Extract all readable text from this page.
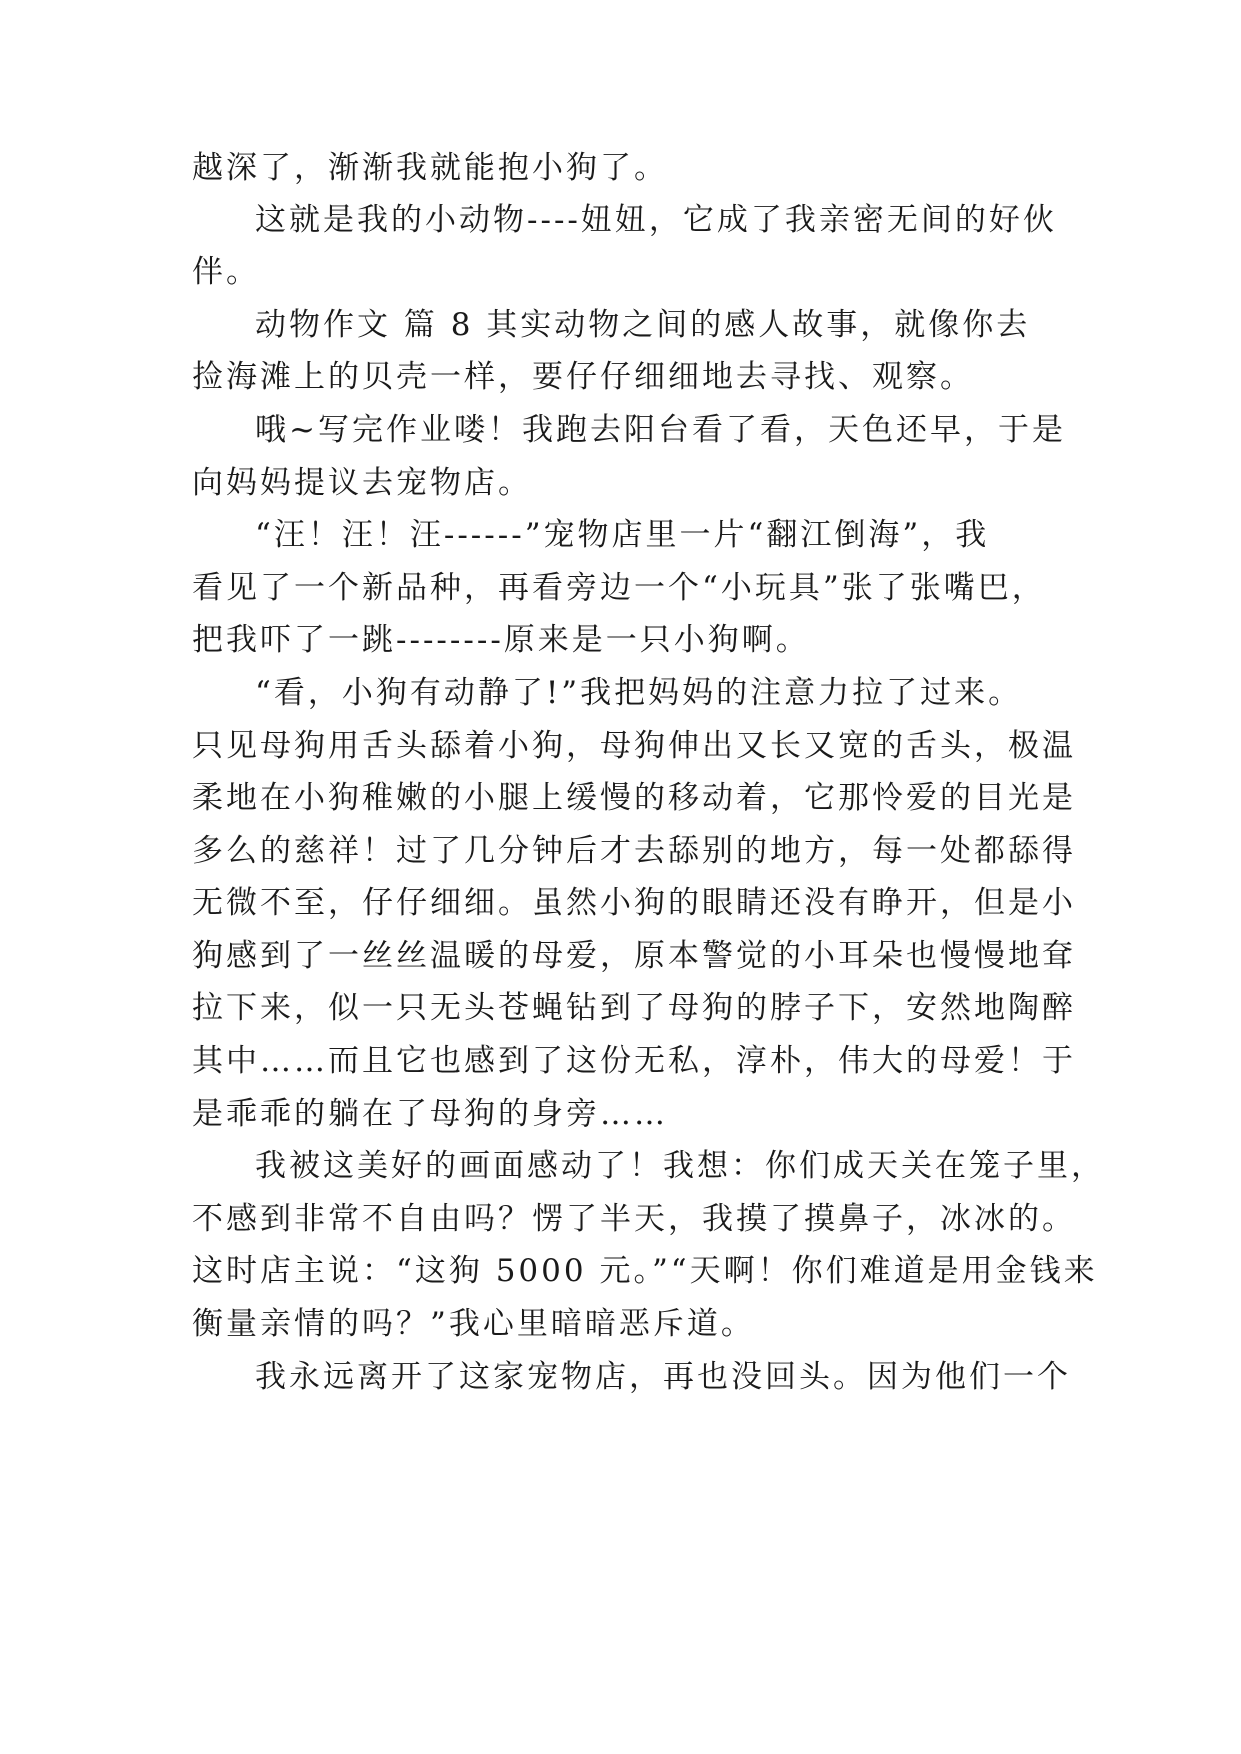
越深了，渐渐我就能抱小狗了。
这就是我的小动物----妞妞，它成了我亲密无间的好伙
伴。
动物作文 篇 8 其实动物之间的感人故事，就像你去
捡海滩上的贝壳一样，要仔仔细细地去寻找、观察。
哦~写完作业喽！我跑去阳台看了看，天色还早，于是
向妈妈提议去宠物店。
“汪！汪！汪------”宠物店里一片“翻江倒海”，我
看见了一个新品种，再看旁边一个“小玩具”张了张嘴巴，
把我吓了一跳--------原来是一只小狗啊。
“看，小狗有动静了!”我把妈妈的注意力拉了过来。
只见母狗用舌头舔着小狗，母狗伸出又长又宽的舌头，极温
柔地在小狗稚嫩的小腿上缓慢的移动着，它那怜爱的目光是
多么的慈祥！过了几分钟后才去舔别的地方，每一处都舔得
无微不至，仔仔细细。虽然小狗的眼睛还没有睁开，但是小
狗感到了一丝丝温暖的母爱，原本警觉的小耳朵也慢慢地耷
拉下来，似一只无头苍蝇钻到了母狗的脖子下，安然地陶醉
其中……而且它也感到了这份无私，淳朴，伟大的母爱！于
是乖乖的躺在了母狗的身旁……
我被这美好的画面感动了！我想：你们成天关在笼子里，
不感到非常不自由吗？愣了半天，我摸了摸鼻子，冰冰的。
这时店主说：“这狗 5000 元。”“天啊！你们难道是用金钱来
衡量亲情的吗？”我心里暗暗恶斥道。
我永远离开了这家宠物店，再也没回头。因为他们一个
